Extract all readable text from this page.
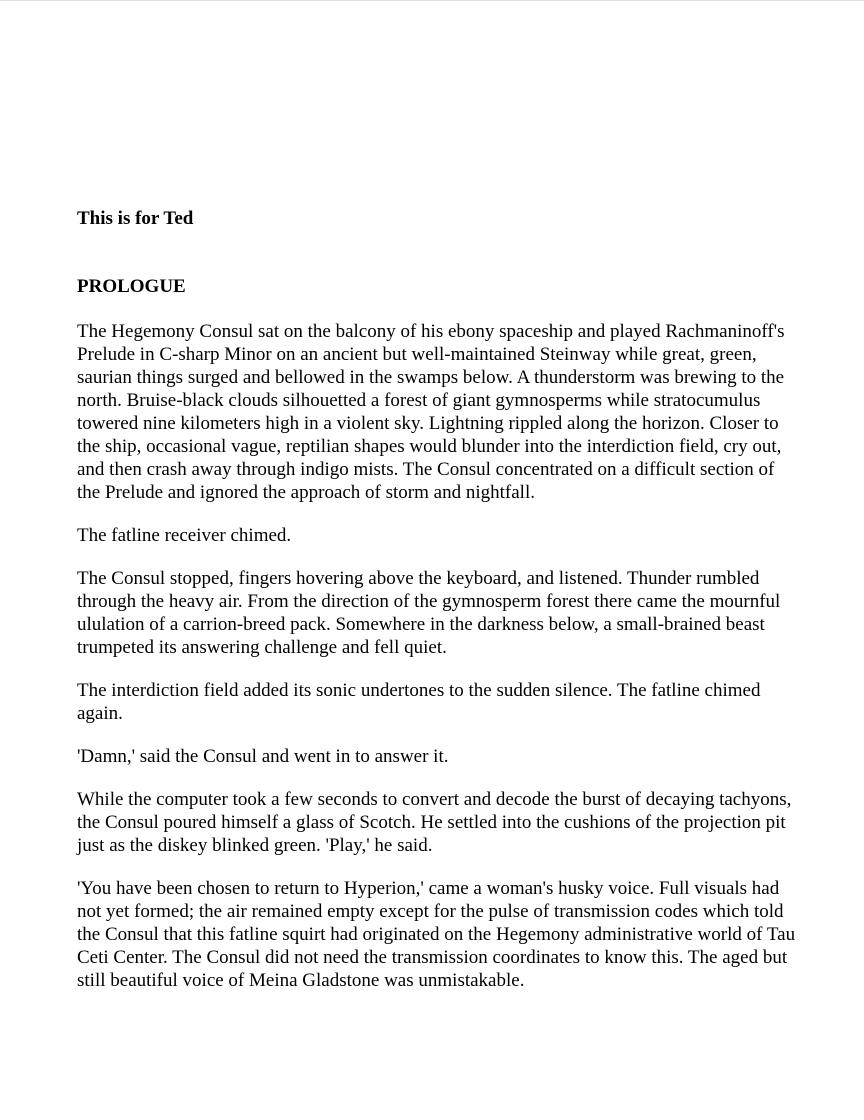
This is for Ted

PROLOGUE

The Hegemony Consul sat on the balcony of his ebony spaceship and played Rachmaninoff's Prelude in C-sharp Minor on an ancient but well-maintained Steinway while great, green, saurian things surged and bellowed in the swamps below. A thunderstorm was brewing to the north. Bruise-black clouds silhouetted a forest of giant gymnosperms while stratocumulus towered nine kilometers high in a violent sky. Lightning rippled along the horizon. Closer to the ship, occasional vague, reptilian shapes would blunder into the interdiction field, cry out, and then crash away through indigo mists. The Consul concentrated on a difficult section of the Prelude and ignored the approach of storm and nightfall.

The fatline receiver chimed.

The Consul stopped, fingers hovering above the keyboard, and listened. Thunder rumbled through the heavy air. From the direction of the gymnosperm forest there came the mournful ululation of a carrion-breed pack. Somewhere in the darkness below, a small-brained beast trumpeted its answering challenge and fell quiet.

The interdiction field added its sonic undertones to the sudden silence. The fatline chimed again.

'Damn,' said the Consul and went in to answer it.

While the computer took a few seconds to convert and decode the burst of decaying tachyons, the Consul poured himself a glass of Scotch. He settled into the cushions of the projection pit just as the diskey blinked green. 'Play,' he said.

'You have been chosen to return to Hyperion,' came a woman's husky voice. Full visuals had not yet formed; the air remained empty except for the pulse of transmission codes which told the Consul that this fatline squirt had originated on the Hegemony administrative world of Tau Ceti Center. The Consul did not need the transmission coordinates to know this. The aged but still beautiful voice of Meina Gladstone was unmistakable.
